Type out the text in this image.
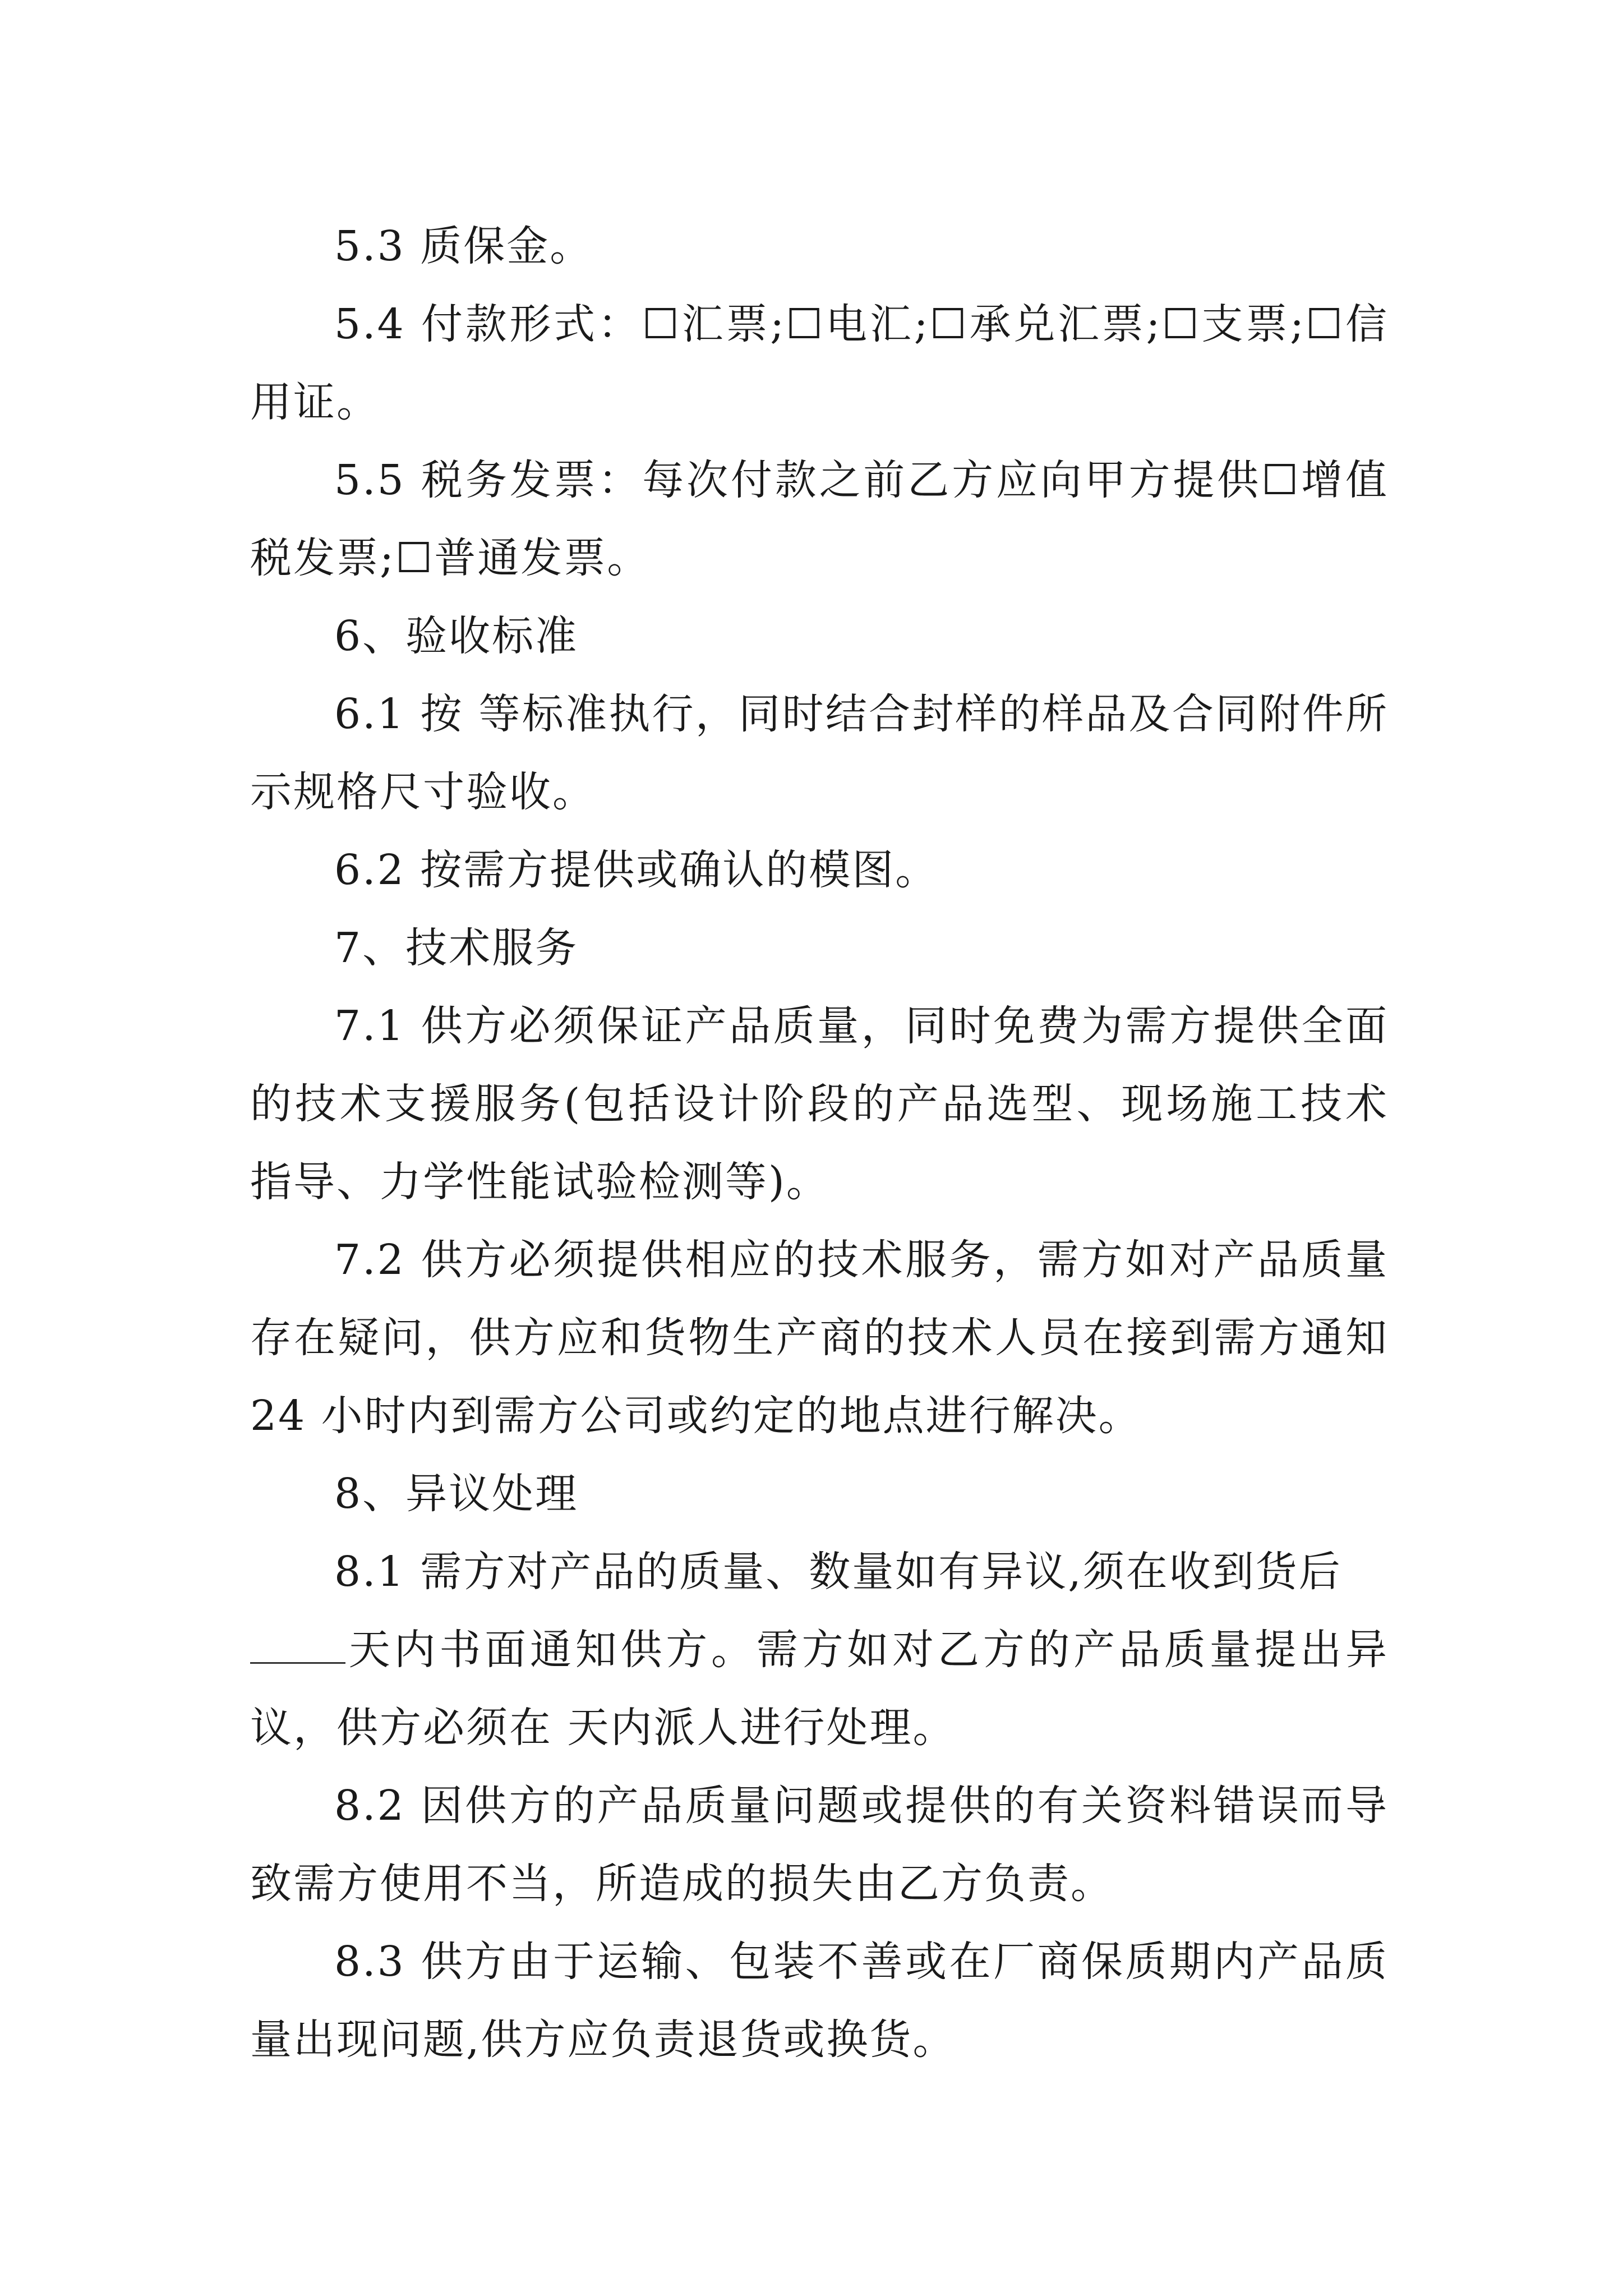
5.3 质保金。

5.4 付款形式：☐汇票;☐电汇;☐承兑汇票;☐支票;☐信用证。

5.5 税务发票：每次付款之前乙方应向甲方提供☐增值税发票;☐普通发票。

6、验收标准

6.1 按 等标准执行，同时结合封样的样品及合同附件所示规格尺寸验收。

6.2 按需方提供或确认的模图。

7、技术服务

7.1 供方必须保证产品质量，同时免费为需方提供全面的技术支援服务(包括设计阶段的产品选型、现场施工技术指导、力学性能试验检测等)。

7.2 供方必须提供相应的技术服务，需方如对产品质量存在疑问，供方应和货物生产商的技术人员在接到需方通知24 小时内到需方公司或约定的地点进行解决。

8、异议处理

8.1 需方对产品的质量、数量如有异议,须在收到货后

天内书面通知供方。需方如对乙方的产品质量提出异议，供方必须在 天内派人进行处理。

8.2 因供方的产品质量问题或提供的有关资料错误而导致需方使用不当，所造成的损失由乙方负责。

8.3 供方由于运输、包装不善或在厂商保质期内产品质量出现问题,供方应负责退货或换货。
